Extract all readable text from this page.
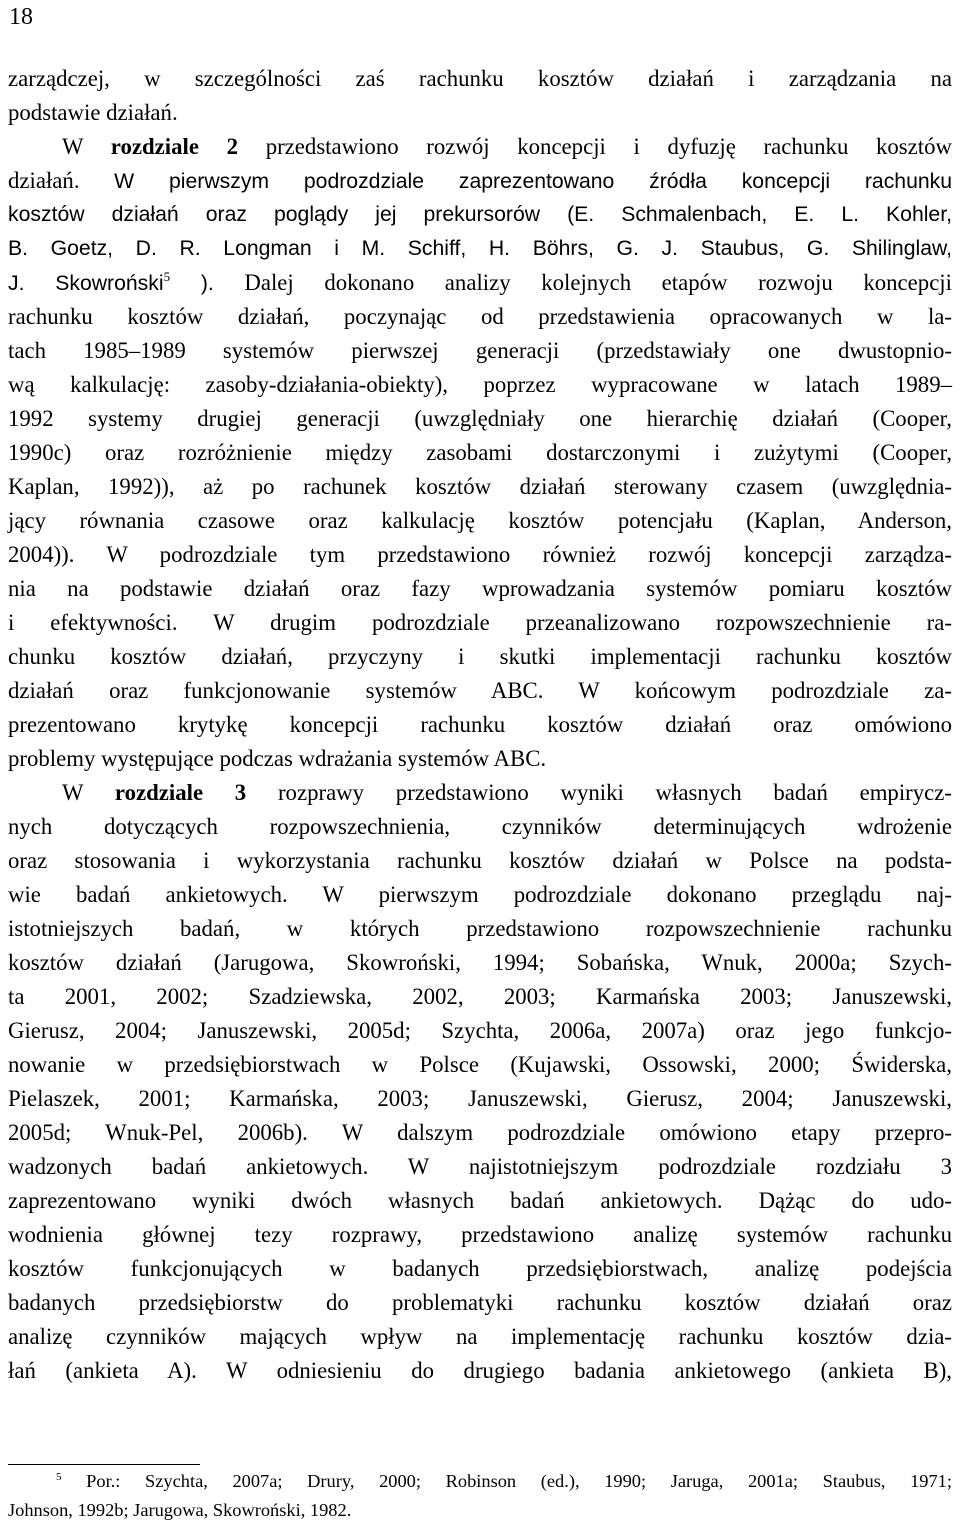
18
zarządczej, w szczególności zaś rachunku kosztów działań i zarządzania na
podstawie działań.
W rozdziale 2 przedstawiono rozwój koncepcji i dyfuzję rachunku kosztów
działań. W pierwszym podrozdziale zaprezentowano źródła koncepcji rachunku
kosztów działań oraz poglądy jej prekursorów (E. Schmalenbach, E. L. Kohler,
B. Goetz, D. R. Longman i M. Schiff, H. Böhrs, G. J. Staubus, G. Shilinglaw,
J. Skowroński$^5$ ). Dalej dokonano analizy kolejnych etapów rozwoju koncepcji
rachunku kosztów działań, poczynając od przedstawienia opracowanych w la-
tach 1985–1989 systemów pierwszej generacji (przedstawiały one dwustopnio-
wą kalkulację: zasoby-działania-obiekty), poprzez wypracowane w latach 1989–
1992 systemy drugiej generacji (uwzględniały one hierarchię działań (Cooper,
1990c) oraz rozróżnienie między zasobami dostarczonymi i zużytymi (Cooper,
Kaplan, 1992)), aż po rachunek kosztów działań sterowany czasem (uwzględnia-
jący równania czasowe oraz kalkulację kosztów potencjału (Kaplan, Anderson,
2004)). W podrozdziale tym przedstawiono również rozwój koncepcji zarządza-
nia na podstawie działań oraz fazy wprowadzania systemów pomiaru kosztów
i efektywności. W drugim podrozdziale przeanalizowano rozpowszechnienie ra-
chunku kosztów działań, przyczyny i skutki implementacji rachunku kosztów
działań oraz funkcjonowanie systemów ABC. W końcowym podrozdziale za-
prezentowano krytykę koncepcji rachunku kosztów działań oraz omówiono
problemy występujące podczas wdrażania systemów ABC.
W rozdziale 3 rozprawy przedstawiono wyniki własnych badań empirycz-
nych dotyczących rozpowszechnienia, czynników determinujących wdrożenie
oraz stosowania i wykorzystania rachunku kosztów działań w Polsce na podsta-
wie badań ankietowych. W pierwszym podrozdziale dokonano przeglądu naj-
istotniejszych badań, w których przedstawiono rozpowszechnienie rachunku
kosztów działań (Jarugowa, Skowroński, 1994; Sobańska, Wnuk, 2000a; Szych-
ta 2001, 2002; Szadziewska, 2002, 2003; Karmańska 2003; Januszewski,
Gierusz, 2004; Januszewski, 2005d; Szychta, 2006a, 2007a) oraz jego funkcjo-
nowanie w przedsiębiorstwach w Polsce (Kujawski, Ossowski, 2000; Świderska,
Pielaszek, 2001; Karmańska, 2003; Januszewski, Gierusz, 2004; Januszewski,
2005d; Wnuk-Pel, 2006b). W dalszym podrozdziale omówiono etapy przepro-
wadzonych badań ankietowych. W najistotniejszym podrozdziale rozdziału 3
zaprezentowano wyniki dwóch własnych badań ankietowych. Dążąc do udo-
wodnienia głównej tezy rozprawy, przedstawiono analizę systemów rachunku
kosztów funkcjonujących w badanych przedsiębiorstwach, analizę podejścia
badanych przedsiębiorstw do problematyki rachunku kosztów działań oraz
analizę czynników mających wpływ na implementację rachunku kosztów dzia-
łań (ankieta A). W odniesieniu do drugiego badania ankietowego (ankieta B),
$^5$ Por.: Szychta, 2007a; Drury, 2000; Robinson (ed.), 1990; Jaruga, 2001a; Staubus, 1971;
Johnson, 1992b; Jarugowa, Skowroński, 1982.
